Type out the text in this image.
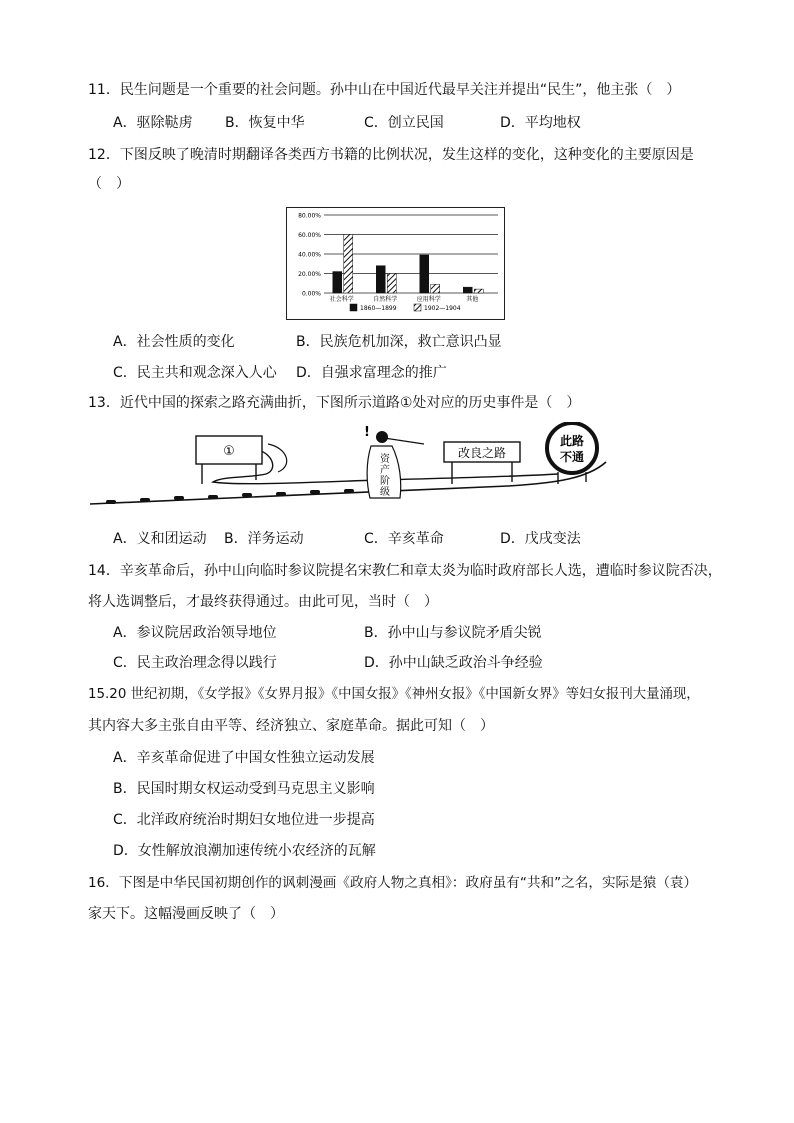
11．民生问题是一个重要的社会问题。孙中山在中国近代最早关注并提出“民生”，他主张（　）
A．驱除鞑虏 B．恢复中华	C．创立民国	D．平均地权
12．下图反映了晚清时期翻译各类西方书籍的比例状况，发生这样的变化，这种变化的主要原因是
（　）
80.00%
60.00%
40.00%
20.00%
0.00%
社会科学	自然科学	应用科学	其他
1860—1899	1902—1904
A．社会性质的变化	B．民族危机加深，救亡意识凸显
C．民主共和观念深入人心 D．自强求富理念的推广
13．近代中国的探索之路充满曲折，下图所示道路①处对应的历史事件是（　）
①
!
资
产
阶
级
改良之路
此路
不通
A．义和团运动 B．洋务运动	C．辛亥革命	D．戊戌变法
14．辛亥革命后，孙中山向临时参议院提名宋教仁和章太炎为临时政府部长人选，遭临时参议院否决，
将人选调整后，才最终获得通过。由此可见，当时（　）
A．参议院居政治领导地位	B．孙中山与参议院矛盾尖锐
C．民主政治理念得以践行	D．孙中山缺乏政治斗争经验
15.20 世纪初期，《女学报》《女界月报》《中国女报》《神州女报》《中国新女界》等妇女报刊大量涌现，
其内容大多主张自由平等、经济独立、家庭革命。据此可知（　）
A．辛亥革命促进了中国女性独立运动发展
B．民国时期女权运动受到马克思主义影响
C．北洋政府统治时期妇女地位进一步提高
D．女性解放浪潮加速传统小农经济的瓦解
16．下图是中华民国初期创作的讽刺漫画《政府人物之真相》：政府虽有“共和”之名，实际是猿（袁）
家天下。这幅漫画反映了（　）
